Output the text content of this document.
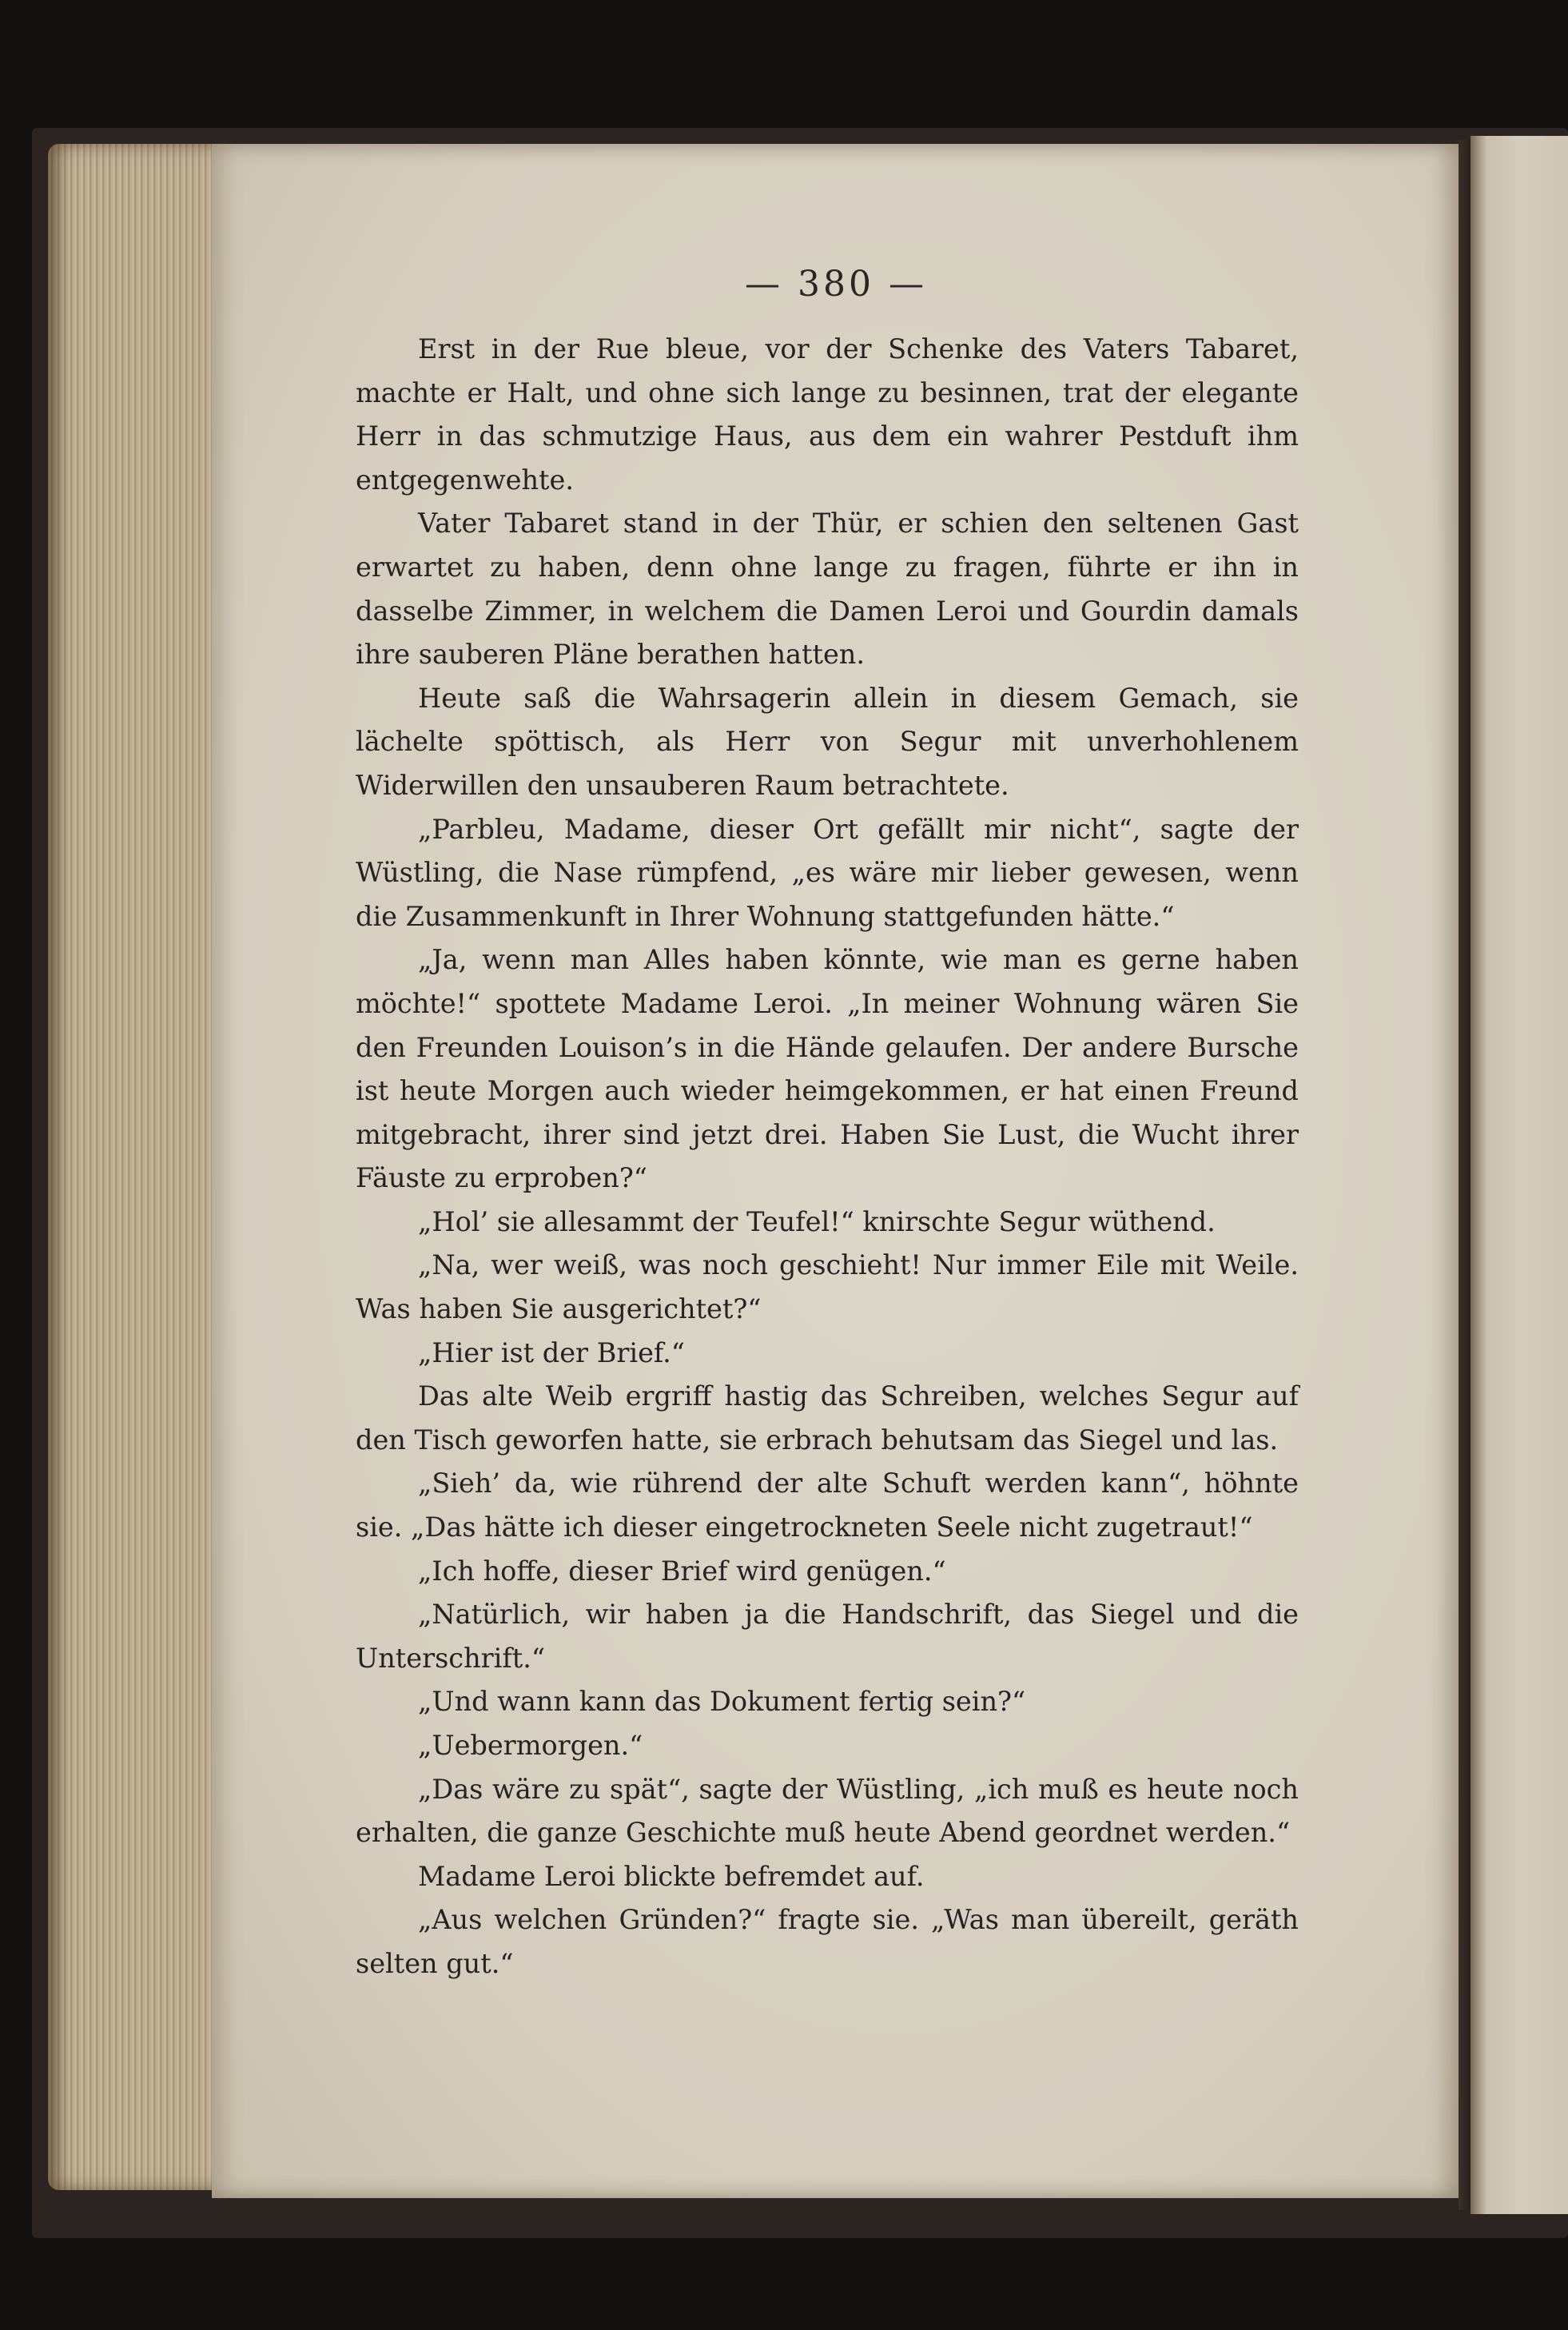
— 380 —

Erst in der Rue bleue, vor der Schenke des Vaters Tabaret, machte er Halt, und ohne sich lange zu besinnen, trat der elegante Herr in das schmutzige Haus, aus dem ein wahrer Pestduft ihm entgegenwehte.

Vater Tabaret stand in der Thür, er schien den seltenen Gast erwartet zu haben, denn ohne lange zu fragen, führte er ihn in dasselbe Zimmer, in welchem die Damen Leroi und Gourdin damals ihre sauberen Pläne berathen hatten.

Heute saß die Wahrsagerin allein in diesem Gemach, sie lächelte spöttisch, als Herr von Segur mit unverhohlenem Widerwillen den unsauberen Raum betrachtete.

„Parbleu, Madame, dieser Ort gefällt mir nicht“, sagte der Wüstling, die Nase rümpfend, „es wäre mir lieber gewesen, wenn die Zusammenkunft in Ihrer Wohnung stattgefunden hätte.“

„Ja, wenn man Alles haben könnte, wie man es gerne haben möchte!“ spottete Madame Leroi. „In meiner Wohnung wären Sie den Freunden Louison’s in die Hände gelaufen. Der andere Bursche ist heute Morgen auch wieder heimgekommen, er hat einen Freund mitgebracht, ihrer sind jetzt drei. Haben Sie Lust, die Wucht ihrer Fäuste zu erproben?“

„Hol’ sie allesammt der Teufel!“ knirschte Segur wüthend.

„Na, wer weiß, was noch geschieht! Nur immer Eile mit Weile. Was haben Sie ausgerichtet?“

„Hier ist der Brief.“

Das alte Weib ergriff hastig das Schreiben, welches Segur auf den Tisch geworfen hatte, sie erbrach behutsam das Siegel und las.

„Sieh’ da, wie rührend der alte Schuft werden kann“, höhnte sie. „Das hätte ich dieser eingetrockneten Seele nicht zugetraut!“

„Ich hoffe, dieser Brief wird genügen.“

„Natürlich, wir haben ja die Handschrift, das Siegel und die Unterschrift.“

„Und wann kann das Dokument fertig sein?“

„Uebermorgen.“

„Das wäre zu spät“, sagte der Wüstling, „ich muß es heute noch erhalten, die ganze Geschichte muß heute Abend geordnet werden.“

Madame Leroi blickte befremdet auf.

„Aus welchen Gründen?“ fragte sie. „Was man übereilt, geräth selten gut.“
